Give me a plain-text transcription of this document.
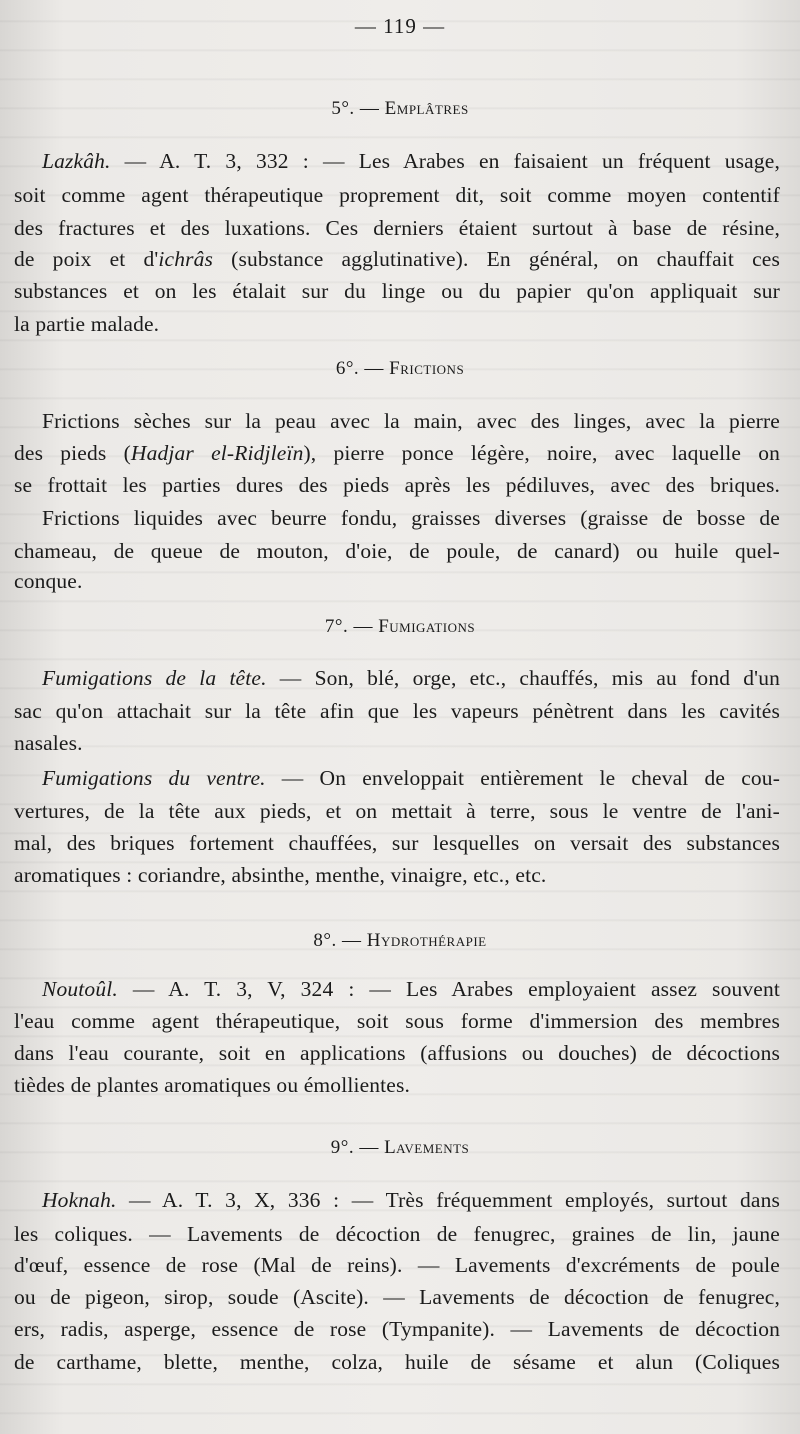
— 119 —
5°. — Emplâtres
Lazkâh. — A. T. 3, 332 : — Les Arabes en faisaient un fréquent usage,
soit comme agent thérapeutique proprement dit, soit comme moyen contentif
des fractures et des luxations. Ces derniers étaient surtout à base de résine,
de poix et d'ichrâs (substance agglutinative). En général, on chauffait ces
substances et on les étalait sur du linge ou du papier qu'on appliquait sur
la partie malade.
6°. — Frictions
Frictions sèches sur la peau avec la main, avec des linges, avec la pierre
des pieds (Hadjar el-Ridjleïn), pierre ponce légère, noire, avec laquelle on
se frottait les parties dures des pieds après les pédiluves, avec des briques.
Frictions liquides avec beurre fondu, graisses diverses (graisse de bosse de
chameau, de queue de mouton, d'oie, de poule, de canard) ou huile quel-
conque.
7°. — Fumigations
Fumigations de la tête. — Son, blé, orge, etc., chauffés, mis au fond d'un
sac qu'on attachait sur la tête afin que les vapeurs pénètrent dans les cavités
nasales.
Fumigations du ventre. — On enveloppait entièrement le cheval de cou-
vertures, de la tête aux pieds, et on mettait à terre, sous le ventre de l'ani-
mal, des briques fortement chauffées, sur lesquelles on versait des substances
aromatiques : coriandre, absinthe, menthe, vinaigre, etc., etc.
8°. — Hydrothérapie
Noutoûl. — A. T. 3, V, 324 : — Les Arabes employaient assez souvent
l'eau comme agent thérapeutique, soit sous forme d'immersion des membres
dans l'eau courante, soit en applications (affusions ou douches) de décoctions
tièdes de plantes aromatiques ou émollientes.
9°. — Lavements
Hoknah. — A. T. 3, X, 336 : — Très fréquemment employés, surtout dans
les coliques. — Lavements de décoction de fenugrec, graines de lin, jaune
d'œuf, essence de rose (Mal de reins). — Lavements d'excréments de poule
ou de pigeon, sirop, soude (Ascite). — Lavements de décoction de fenugrec,
ers, radis, asperge, essence de rose (Tympanite). — Lavements de décoction
de carthame, blette, menthe, colza, huile de sésame et alun (Coliques
